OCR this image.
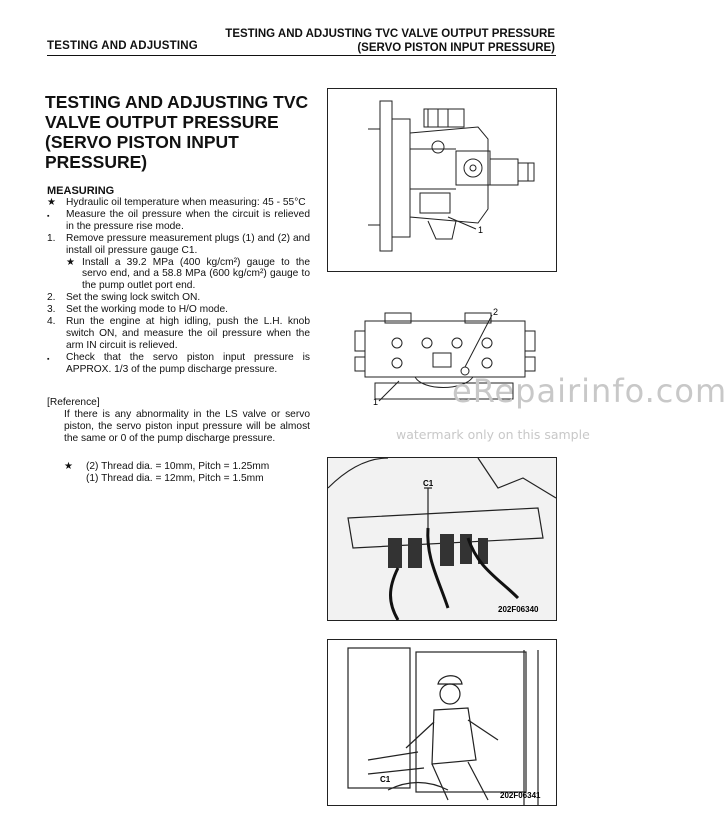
TESTING AND ADJUSTING
TESTING AND ADJUSTING TVC VALVE OUTPUT PRESSURE
(SERVO PISTON INPUT PRESSURE)
TESTING AND ADJUSTING TVC
VALVE OUTPUT PRESSURE
(SERVO PISTON INPUT
PRESSURE)
MEASURING
★ Hydraulic oil temperature when measuring: 45 - 55°C
▪	Measure the oil pressure when the circuit is relieved in the pressure rise mode.
1.	Remove pressure measurement plugs (1) and (2) and install oil pressure gauge C1.
★ Install a 39.2 MPa (400 kg/cm²) gauge to the servo end, and a 58.8 MPa (600 kg/cm²) gauge to the pump outlet port end.
2.	Set the swing lock switch ON.
3.	Set the working mode to H/O mode.
4.	Run the engine at high idling, push the L.H. knob switch ON, and measure the oil pressure when the arm IN circuit is relieved.
▪	Check that the servo piston input pressure is APPROX. 1/3 of the pump discharge pressure.
[Reference]
If there is any abnormality in the LS valve or servo piston, the servo piston input pressure will be almost the same or 0 of the pump discharge pressure.
★	(2) Thread dia. = 10mm, Pitch = 1.25mm
(1) Thread dia. = 12mm, Pitch = 1.5mm
1
2
1
C1
202F06340
C1
202F06341
eRepairinfo.com
watermark only on this sample
